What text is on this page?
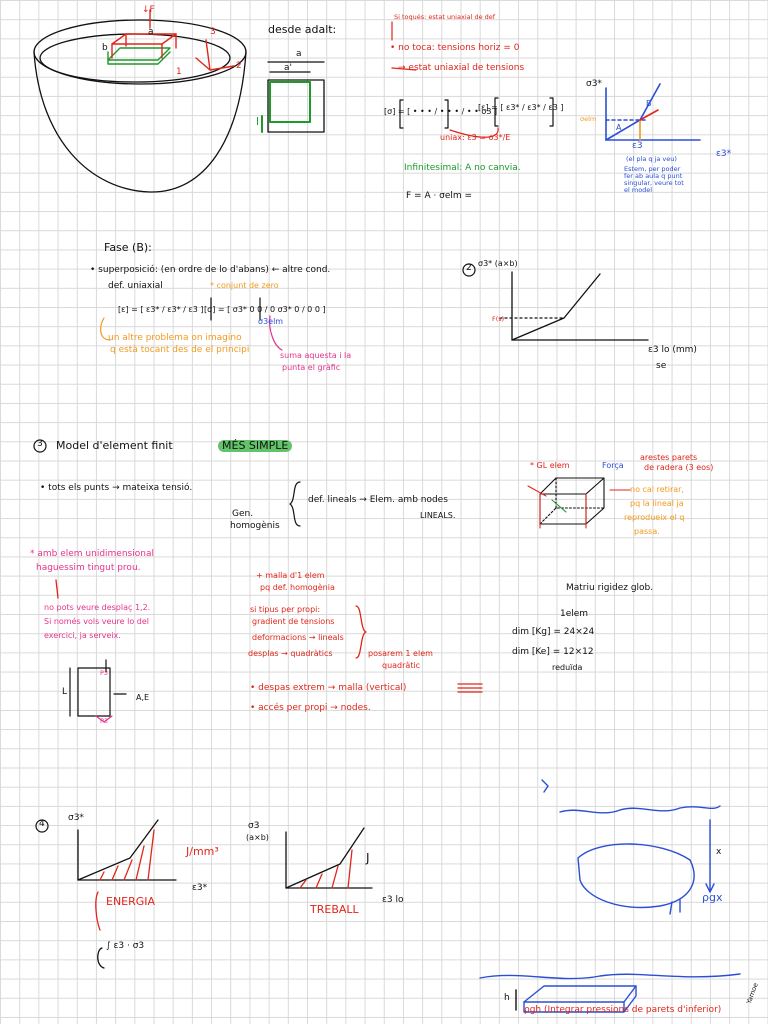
↓F
a
b
1
2
3	desde adalt:
a
a'
l
Si toqués: estat uniaxial de def
• no toca: tensions horiz = 0
→ estat uniaxial de tensions
[σ] = [ • • • / • • • / • • σ3 ]
[ε] = [ ε3* / ε3* / ε3 ]
uniax: ε3 = σ3*/E
Infinitesimal: A no canvia.
F = A · σelm =
σ3*
ε3*
σelm
ε3
A
B
(el pla q ja veu)
Estem, per poder fer ab aula q punt singular, veure tot el model
Fase (B):
• superposició: (en ordre de lo d'abans) ← altre cond.
def. uniaxial	* conjunt de zero
[ε] = [ ε3* / ε3* / ε3 ] [σ] = [ σ3* 0 0 / 0 σ3* 0 / 0 0 ]
σ3elm
un altre problema on imagino
q està tocant des de el principi
suma aquesta i la
punta el gràfic
2 σ3* (a×b)
F(s)
ε3 lo (mm)
se
3 Model d'element finit	MÉS SIMPLE
• tots els punts → mateixa tensió.
Gen.
homogènis
def. lineals → Elem. amb nodes
LINEALS.
* GL elem	Força
arestes parets
de radera (3 eos)
no cal retirar,
pq la lineal ja
reprodueix el q
passa.
* amb elem unidimensional
haguessim tingut prou.
no pots veure desplaç 1,2.
Si només vols veure lo del
exercici, ja serveix.
L
A,E
P3
P3
+ malla d'1 elem
pq def. homogènia
si tipus per propi:
gradient de tensions
deformacions → lineals
desplas → quadràtics	posarem 1 elem
quadràtic
• despas extrem → malla (vertical)
• accés per propi → nodes.
Matriu rigidez glob.
1elem
dim [Kg] = 24×24
dim [Ke] = 12×12
reduïda
4
σ3*
ε3*
J/mm³
ENERGIA
∫ ε3 · σ3
σ3
(a×b)
ε3 lo
J
TREBALL
x
ρgx
h
ρgh (Integrar pressions de parets d'inferior)
Yarnoe
